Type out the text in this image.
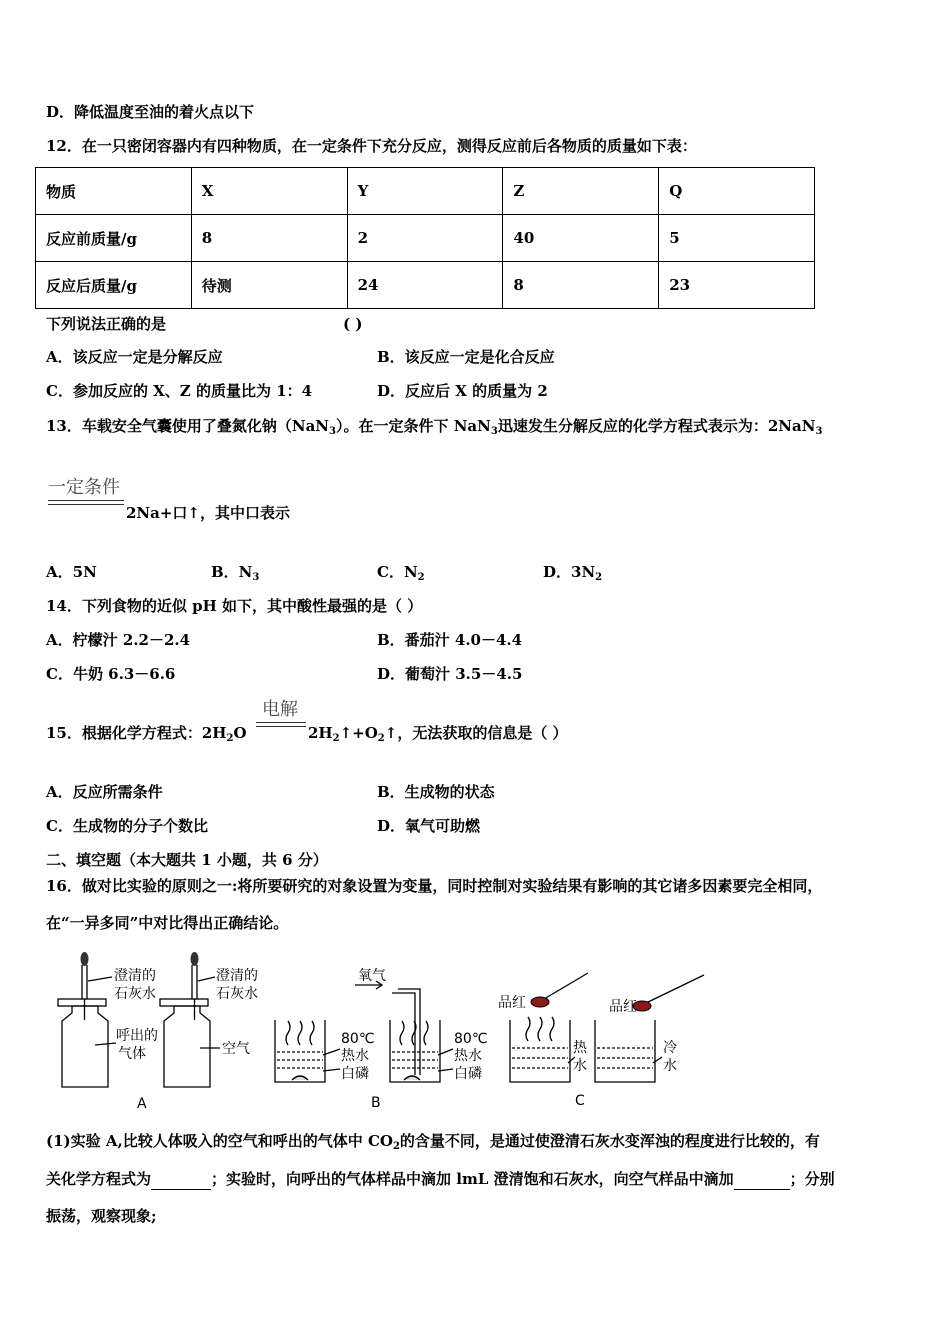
D．降低温度至油的着火点以下
12．在一只密闭容器内有四种物质，在一定条件下充分反应，测得反应前后各物质的质量如下表：
物质	X	Y	Z	Q
反应前质量/g	8	2	40	5
反应后质量/g	待测	24	8	23
下列说法正确的是	( )
A．该反应一定是分解反应	B．该反应一定是化合反应
C．参加反应的 X、Z 的质量比为 1：4	D．反应后 X 的质量为 2
13．车载安全气囊使用了叠氮化钠（NaN$_3$）。在一定条件下 NaN$_3$迅速发生分解反应的化学方程式表示为：2NaN$_3$
一定条件
2Na+口↑，其中口表示
A．5N	B．$N_3$	C．$N_2$	D．$3N_2$
14．下列食物的近似 pH 如下，其中酸性最强的是（ ）
A．柠檬汁 2.2－2.4	B．番茄汁 4.0－4.4
C．牛奶 6.3－6.6	D．葡萄汁 3.5－4.5
电解
15．根据化学方程式：$2H_2O$	$2H_2↑+O_2↑$，无法获取的信息是（ ）
A．反应所需条件	B．生成物的状态
C．生成物的分子个数比	D．氧气可助燃
二、填空题（本大题共 1 小题，共 6 分）
16．做对比实验的原则之一:将所要研究的对象设置为变量，同时控制对实验结果有影响的其它诸多因素要完全相同，
在“一异多同”中对比得出正确结论。
澄清的
石灰水
澄清的
石灰水
呼出的
气体	空气
A
氧气
80℃
热水
白磷
80℃
热水
白磷
B
品红	品红
热
水
冷
水
C
(1)实验 A,比较人体吸入的空气和呼出的气体中 $CO_2$的含量不同，是通过使澄清石灰水变浑浊的程度进行比较的，有
关化学方程式为	；实验时，向呼出的气体样品中滴加 lmL 澄清饱和石灰水，向空气样品中滴加	；分别
振荡，观察现象;
